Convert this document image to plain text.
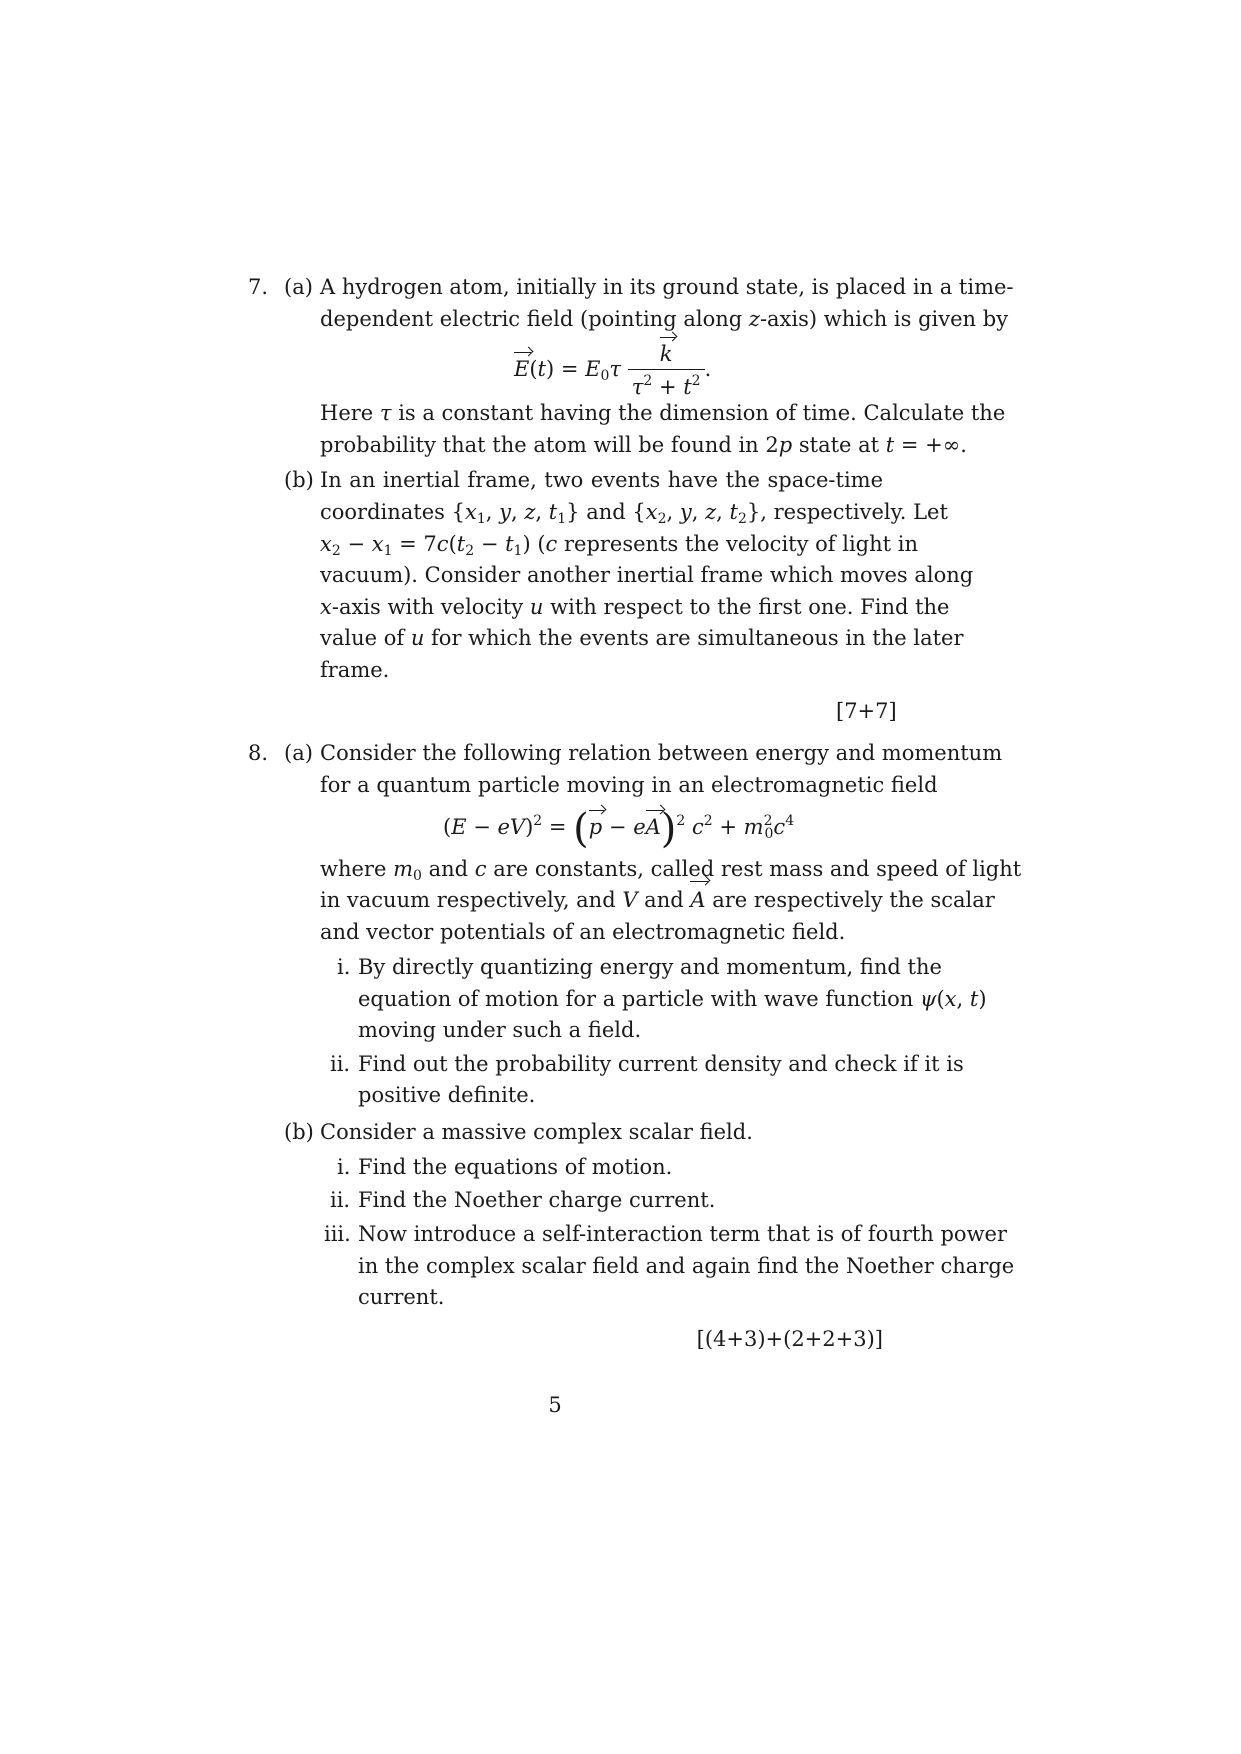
7. (a) A hydrogen atom, initially in its ground state, is placed in a time-
dependent electric field (pointing along z-axis) which is given by
$E(t) = E_0\tau \frac{k}{\tau^2 + t^2}$ .
Here τ is a constant having the dimension of time. Calculate the
probability that the atom will be found in 2p state at t = +∞.
(b) In an inertial frame, two events have the space-time
coordinates {$x_1$, y, z, $t_1$} and {$x_2$, y, z, $t_2$}, respectively. Let
$x_2 - x_1 = 7c(t_2 - t_1)$ (c represents the velocity of light in
vacuum). Consider another inertial frame which moves along
x-axis with velocity u with respect to the first one. Find the
value of u for which the events are simultaneous in the later
frame.
[7+7]
8. (a) Consider the following relation between energy and momentum
for a quantum particle moving in an electromagnetic field
(E − eV)$^2$ = (p − eA)$^2$ $c^2 + m^2_0c^4$
where $m_0$ and c are constants, called rest mass and speed of light
in vacuum respectively, and V and A are respectively the scalar
and vector potentials of an electromagnetic field.
i. By directly quantizing energy and momentum, find the
equation of motion for a particle with wave function ψ(x, t)
moving under such a field.
ii. Find out the probability current density and check if it is
positive definite.
(b) Consider a massive complex scalar field.
i. Find the equations of motion.
ii. Find the Noether charge current.
iii. Now introduce a self-interaction term that is of fourth power
in the complex scalar field and again find the Noether charge
current.
[(4+3)+(2+2+3)]
5
